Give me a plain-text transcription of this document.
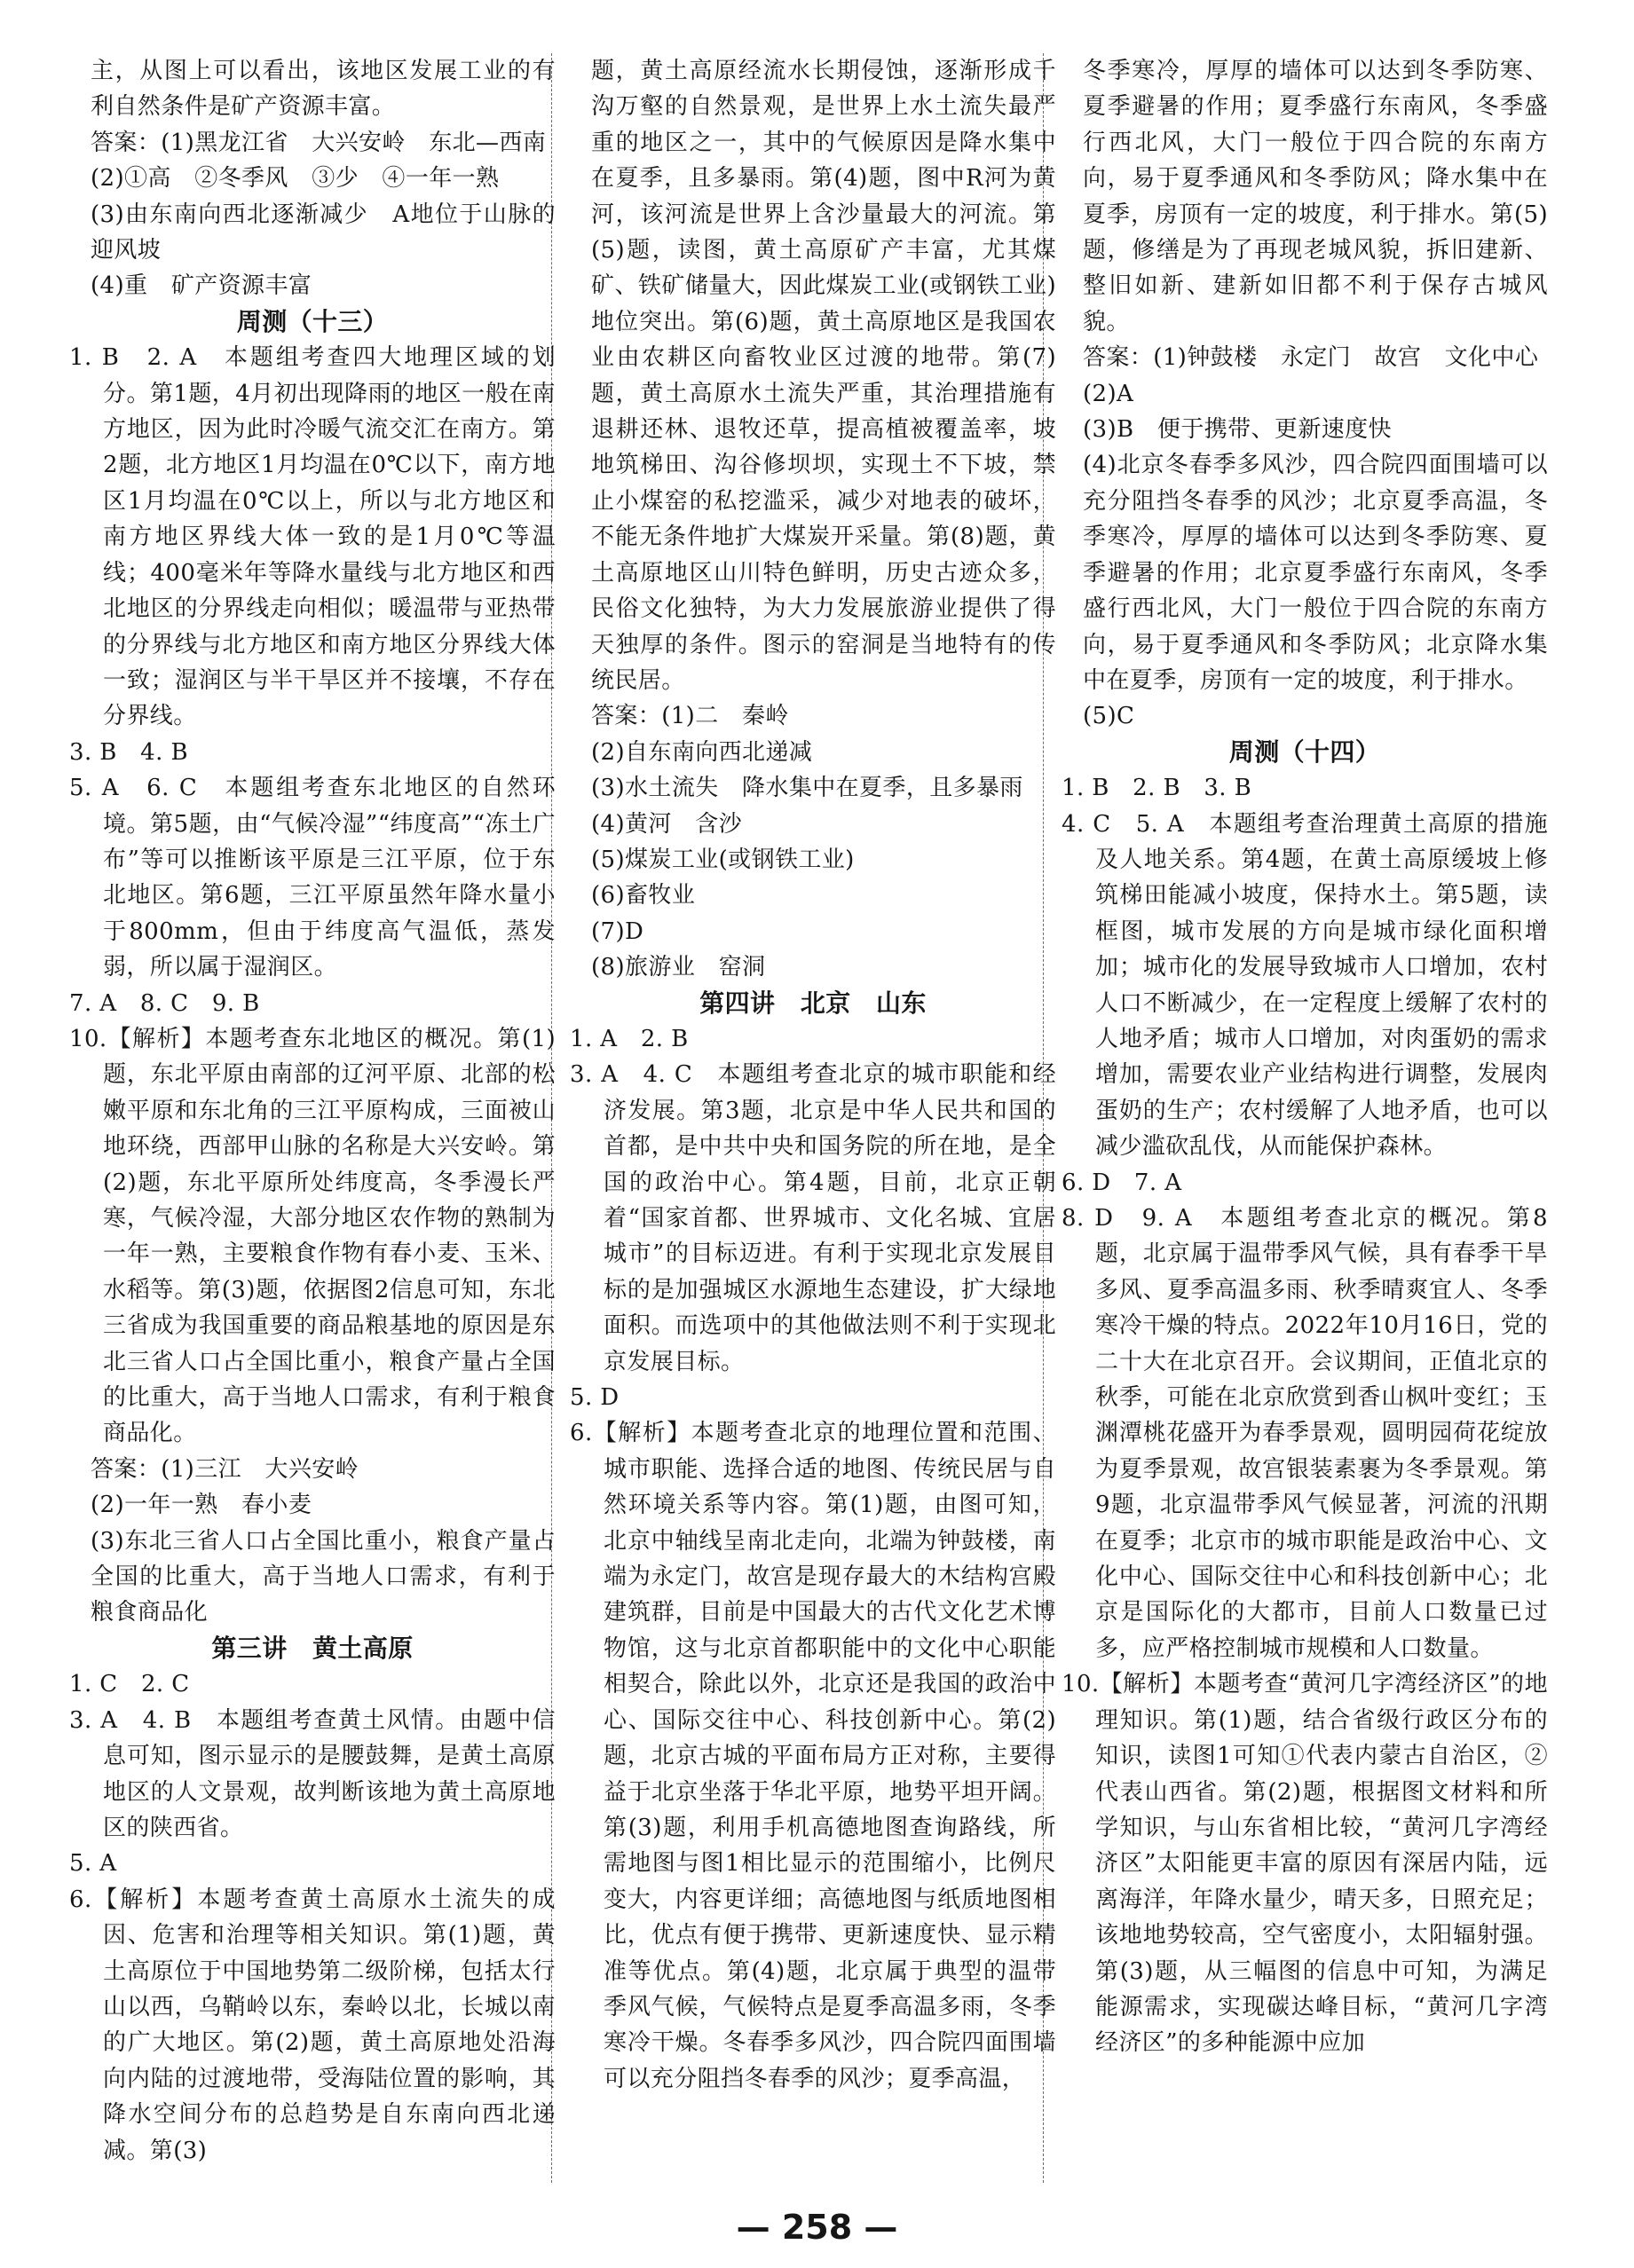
主，从图上可以看出，该地区发展工业的有利自然条件是矿产资源丰富。

答案：(1)黑龙江省　大兴安岭　东北—西南

(2)①高　②冬季风　③少　④一年一熟

(3)由东南向西北逐渐减少　A地位于山脉的迎风坡

(4)重　矿产资源丰富

周测（十三）

1. B　2. A　本题组考查四大地理区域的划分。第1题，4月初出现降雨的地区一般在南方地区，因为此时冷暖气流交汇在南方。第2题，北方地区1月均温在0℃以下，南方地区1月均温在0℃以上，所以与北方地区和南方地区界线大体一致的是1月0℃等温线；400毫米年等降水量线与北方地区和西北地区的分界线走向相似；暖温带与亚热带的分界线与北方地区和南方地区分界线大体一致；湿润区与半干旱区并不接壤，不存在分界线。

3. B　4. B

5. A　6. C　本题组考查东北地区的自然环境。第5题，由“气候冷湿”“纬度高”“冻土广布”等可以推断该平原是三江平原，位于东北地区。第6题，三江平原虽然年降水量小于800mm，但由于纬度高气温低，蒸发弱，所以属于湿润区。

7. A　8. C　9. B

10.【解析】本题考查东北地区的概况。第(1)题，东北平原由南部的辽河平原、北部的松嫩平原和东北角的三江平原构成，三面被山地环绕，西部甲山脉的名称是大兴安岭。第(2)题，东北平原所处纬度高，冬季漫长严寒，气候冷湿，大部分地区农作物的熟制为一年一熟，主要粮食作物有春小麦、玉米、水稻等。第(3)题，依据图2信息可知，东北三省成为我国重要的商品粮基地的原因是东北三省人口占全国比重小，粮食产量占全国的比重大，高于当地人口需求，有利于粮食商品化。

答案：(1)三江　大兴安岭

(2)一年一熟　春小麦

(3)东北三省人口占全国比重小，粮食产量占全国的比重大，高于当地人口需求，有利于粮食商品化

第三讲　黄土高原

1. C　2. C

3. A　4. B　本题组考查黄土风情。由题中信息可知，图示显示的是腰鼓舞，是黄土高原地区的人文景观，故判断该地为黄土高原地区的陕西省。

5. A

6.【解析】本题考查黄土高原水土流失的成因、危害和治理等相关知识。第(1)题，黄土高原位于中国地势第二级阶梯，包括太行山以西，乌鞘岭以东，秦岭以北，长城以南的广大地区。第(2)题，黄土高原地处沿海向内陆的过渡地带，受海陆位置的影响，其降水空间分布的总趋势是自东南向西北递减。第(3)

题，黄土高原经流水长期侵蚀，逐渐形成千沟万壑的自然景观，是世界上水土流失最严重的地区之一，其中的气候原因是降水集中在夏季，且多暴雨。第(4)题，图中R河为黄河，该河流是世界上含沙量最大的河流。第(5)题，读图，黄土高原矿产丰富，尤其煤矿、铁矿储量大，因此煤炭工业(或钢铁工业)地位突出。第(6)题，黄土高原地区是我国农业由农耕区向畜牧业区过渡的地带。第(7)题，黄土高原水土流失严重，其治理措施有退耕还林、退牧还草，提高植被覆盖率，坡地筑梯田、沟谷修坝坝，实现土不下坡，禁止小煤窑的私挖滥采，减少对地表的破坏，不能无条件地扩大煤炭开采量。第(8)题，黄土高原地区山川特色鲜明，历史古迹众多，民俗文化独特，为大力发展旅游业提供了得天独厚的条件。图示的窑洞是当地特有的传统民居。

答案：(1)二　秦岭

(2)自东南向西北递减

(3)水土流失　降水集中在夏季，且多暴雨

(4)黄河　含沙

(5)煤炭工业(或钢铁工业)

(6)畜牧业

(7)D

(8)旅游业　窑洞

第四讲　北京　山东

1. A　2. B

3. A　4. C　本题组考查北京的城市职能和经济发展。第3题，北京是中华人民共和国的首都，是中共中央和国务院的所在地，是全国的政治中心。第4题，目前，北京正朝着“国家首都、世界城市、文化名城、宜居城市”的目标迈进。有利于实现北京发展目标的是加强城区水源地生态建设，扩大绿地面积。而选项中的其他做法则不利于实现北京发展目标。

5. D

6.【解析】本题考查北京的地理位置和范围、城市职能、选择合适的地图、传统民居与自然环境关系等内容。第(1)题，由图可知，北京中轴线呈南北走向，北端为钟鼓楼，南端为永定门，故宫是现存最大的木结构宫殿建筑群，目前是中国最大的古代文化艺术博物馆，这与北京首都职能中的文化中心职能相契合，除此以外，北京还是我国的政治中心、国际交往中心、科技创新中心。第(2)题，北京古城的平面布局方正对称，主要得益于北京坐落于华北平原，地势平坦开阔。第(3)题，利用手机高德地图查询路线，所需地图与图1相比显示的范围缩小，比例尺变大，内容更详细；高德地图与纸质地图相比，优点有便于携带、更新速度快、显示精准等优点。第(4)题，北京属于典型的温带季风气候，气候特点是夏季高温多雨，冬季寒冷干燥。冬春季多风沙，四合院四面围墙可以充分阻挡冬春季的风沙；夏季高温，

冬季寒冷，厚厚的墙体可以达到冬季防寒、夏季避暑的作用；夏季盛行东南风，冬季盛行西北风，大门一般位于四合院的东南方向，易于夏季通风和冬季防风；降水集中在夏季，房顶有一定的坡度，利于排水。第(5)题，修缮是为了再现老城风貌，拆旧建新、整旧如新、建新如旧都不利于保存古城风貌。

答案：(1)钟鼓楼　永定门　故宫　文化中心

(2)A

(3)B　便于携带、更新速度快

(4)北京冬春季多风沙，四合院四面围墙可以充分阻挡冬春季的风沙；北京夏季高温，冬季寒冷，厚厚的墙体可以达到冬季防寒、夏季避暑的作用；北京夏季盛行东南风，冬季盛行西北风，大门一般位于四合院的东南方向，易于夏季通风和冬季防风；北京降水集中在夏季，房顶有一定的坡度，利于排水。

(5)C

周测（十四）

1. B　2. B　3. B

4. C　5. A　本题组考查治理黄土高原的措施及人地关系。第4题，在黄土高原缓坡上修筑梯田能减小坡度，保持水土。第5题，读框图，城市发展的方向是城市绿化面积增加；城市化的发展导致城市人口增加，农村人口不断减少，在一定程度上缓解了农村的人地矛盾；城市人口增加，对肉蛋奶的需求增加，需要农业产业结构进行调整，发展肉蛋奶的生产；农村缓解了人地矛盾，也可以减少滥砍乱伐，从而能保护森林。

6. D　7. A

8. D　9. A　本题组考查北京的概况。第8题，北京属于温带季风气候，具有春季干旱多风、夏季高温多雨、秋季晴爽宜人、冬季寒冷干燥的特点。2022年10月16日，党的二十大在北京召开。会议期间，正值北京的秋季，可能在北京欣赏到香山枫叶变红；玉渊潭桃花盛开为春季景观，圆明园荷花绽放为夏季景观，故宫银装素裹为冬季景观。第9题，北京温带季风气候显著，河流的汛期在夏季；北京市的城市职能是政治中心、文化中心、国际交往中心和科技创新中心；北京是国际化的大都市，目前人口数量已过多，应严格控制城市规模和人口数量。

10.【解析】本题考查“黄河几字湾经济区”的地理知识。第(1)题，结合省级行政区分布的知识，读图1可知①代表内蒙古自治区，②代表山西省。第(2)题，根据图文材料和所学知识，与山东省相比较，“黄河几字湾经济区”太阳能更丰富的原因有深居内陆，远离海洋，年降水量少，晴天多，日照充足；该地地势较高，空气密度小，太阳辐射强。第(3)题，从三幅图的信息中可知，为满足能源需求，实现碳达峰目标，“黄河几字湾经济区”的多种能源中应加

— 258 —
